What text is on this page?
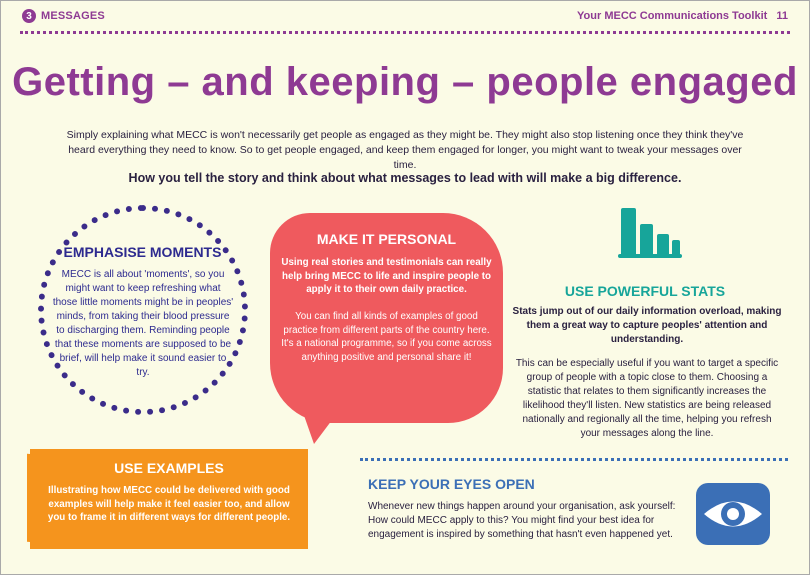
3 MESSAGES	Your MECC Communications Toolkit 11
Getting – and keeping – people engaged
Simply explaining what MECC is won't necessarily get people as engaged as they might be. They might also stop listening once they think they've heard everything they need to know. So to get people engaged, and keep them engaged for longer, you might want to tweak your messages over time.
How you tell the story and think about what messages to lead with will make a big difference.
EMPHASISE MOMENTS
MECC is all about 'moments', so you might want to keep refreshing what those little moments might be in peoples' minds, from taking their blood pressure to discharging them. Reminding people that these moments are supposed to be brief, will help make it sound easier to try.
MAKE IT PERSONAL
Using real stories and testimonials can really help bring MECC to life and inspire people to apply it to their own daily practice.
You can find all kinds of examples of good practice from different parts of the country here. It's a national programme, so if you come across anything positive and personal share it!
USE POWERFUL STATS
Stats jump out of our daily information overload, making them a great way to capture peoples' attention and understanding.
This can be especially useful if you want to target a specific group of people with a topic close to them. Choosing a statistic that relates to them significantly increases the likelihood they'll listen. New statistics are being released nationally and regionally all the time, helping you refresh your messages along the line.
USE EXAMPLES
Illustrating how MECC could be delivered with good examples will help make it feel easier too, and allow you to frame it in different ways for different people.
KEEP YOUR EYES OPEN
Whenever new things happen around your organisation, ask yourself: How could MECC apply to this? You might find your best idea for engagement is inspired by something that hasn't even happened yet.
